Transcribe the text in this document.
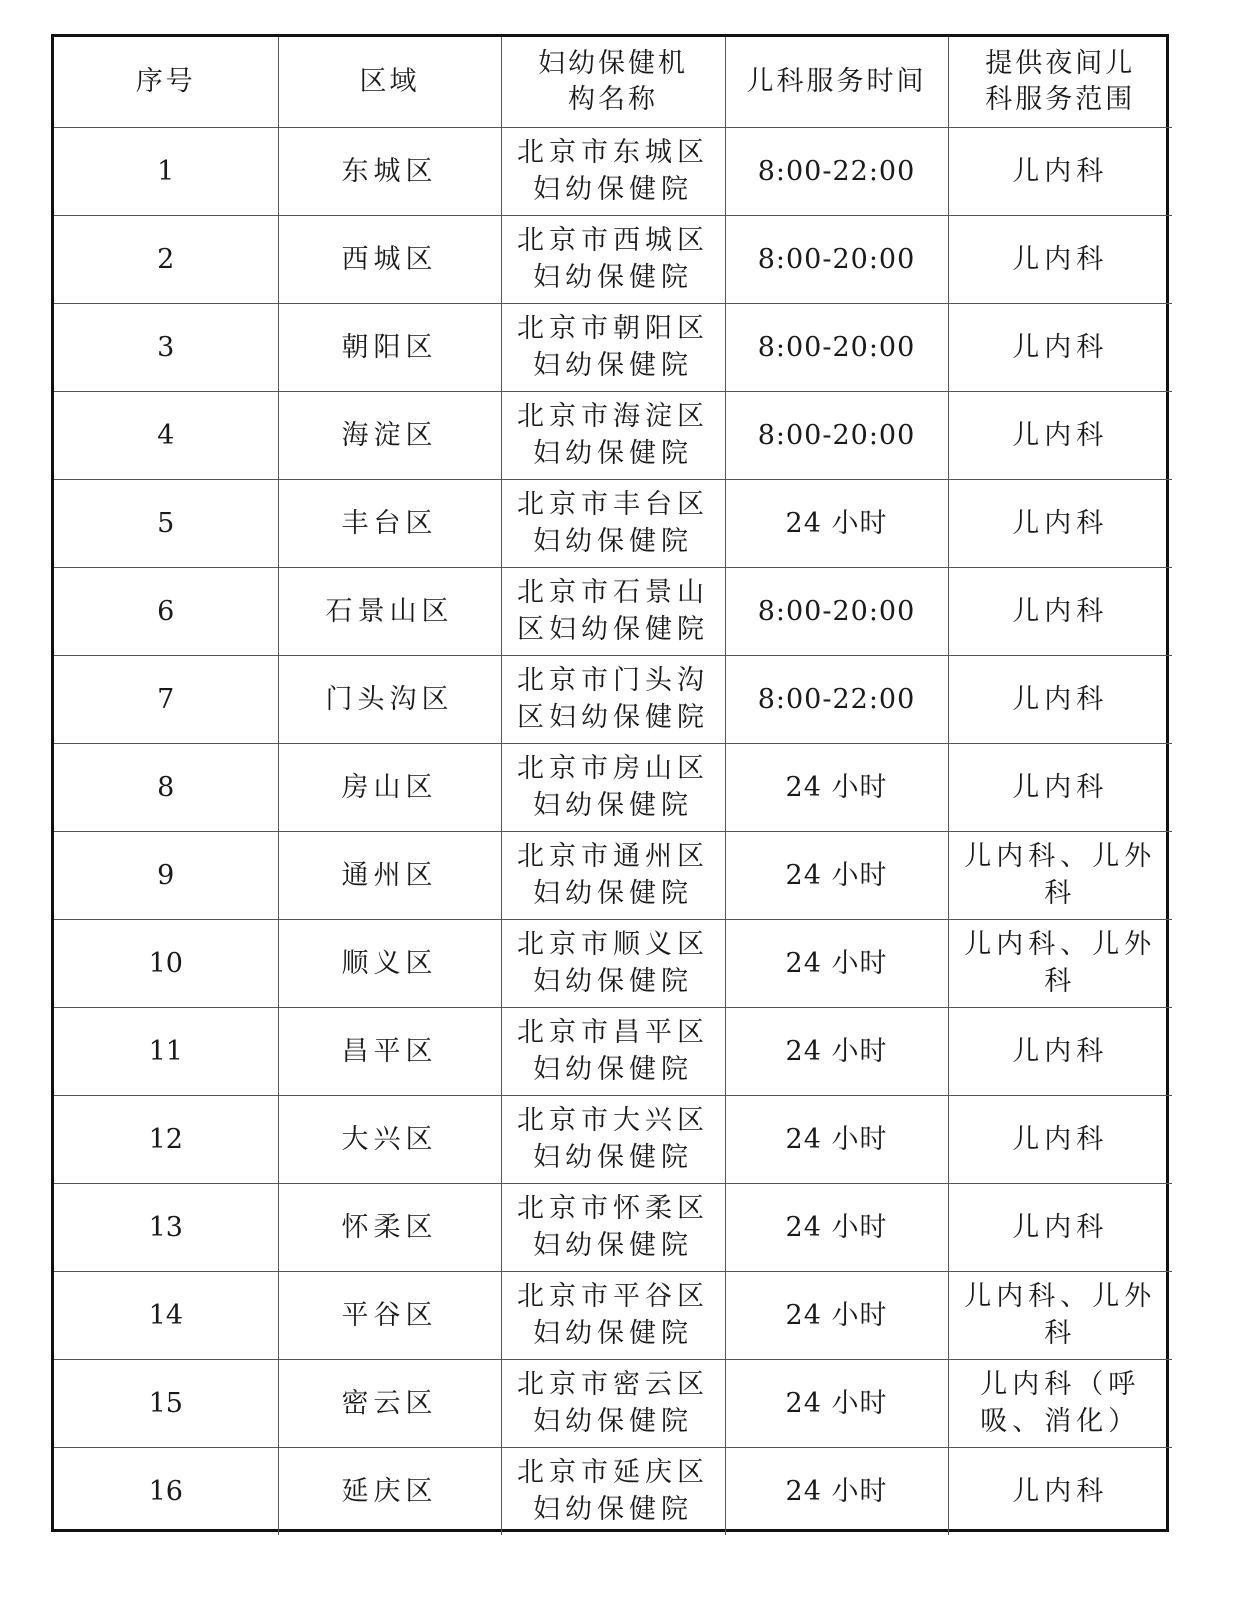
序号	区域	妇幼保健机构名称	儿科服务时间	提供夜间儿科服务范围
1	东城区	北京市东城区妇幼保健院	8:00-22:00	儿内科
2	西城区	北京市西城区妇幼保健院	8:00-20:00	儿内科
3	朝阳区	北京市朝阳区妇幼保健院	8:00-20:00	儿内科
4	海淀区	北京市海淀区妇幼保健院	8:00-20:00	儿内科
5	丰台区	北京市丰台区妇幼保健院	24 小时	儿内科
6	石景山区	北京市石景山区妇幼保健院	8:00-20:00	儿内科
7	门头沟区	北京市门头沟区妇幼保健院	8:00-22:00	儿内科
8	房山区	北京市房山区妇幼保健院	24 小时	儿内科
9	通州区	北京市通州区妇幼保健院	24 小时	儿内科、儿外科
10	顺义区	北京市顺义区妇幼保健院	24 小时	儿内科、儿外科
11	昌平区	北京市昌平区妇幼保健院	24 小时	儿内科
12	大兴区	北京市大兴区妇幼保健院	24 小时	儿内科
13	怀柔区	北京市怀柔区妇幼保健院	24 小时	儿内科
14	平谷区	北京市平谷区妇幼保健院	24 小时	儿内科、儿外科
15	密云区	北京市密云区妇幼保健院	24 小时	儿内科（呼吸、消化）
16	延庆区	北京市延庆区妇幼保健院	24 小时	儿内科
